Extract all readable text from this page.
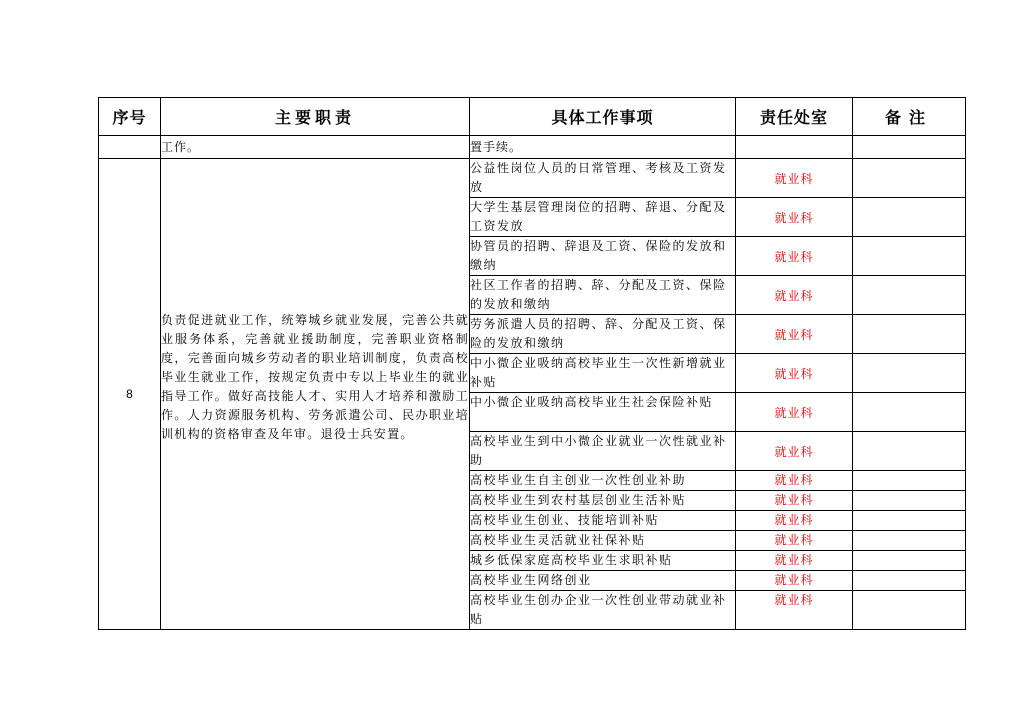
序号	主要职责	具体工作事项	责任处室	备注
	工作。	置手续。		
8	负责促进就业工作，统筹城乡就业发展，完善公共就业服务体系，完善就业援助制度，完善职业资格制度，完善面向城乡劳动者的职业培训制度，负责高校毕业生就业工作，按规定负责中专以上毕业生的就业指导工作。做好高技能人才、实用人才培养和激励工作。人力资源服务机构、劳务派遣公司、民办职业培训机构的资格审查及年审。退役士兵安置。	公益性岗位人员的日常管理、考核及工资发放	就业科	
		大学生基层管理岗位的招聘、辞退、分配及工资发放	就业科	
		协管员的招聘、辞退及工资、保险的发放和缴纳	就业科	
		社区工作者的招聘、辞、分配及工资、保险的发放和缴纳	就业科	
		劳务派遣人员的招聘、辞、分配及工资、保险的发放和缴纳	就业科	
		中小微企业吸纳高校毕业生一次性新增就业补贴	就业科	
		中小微企业吸纳高校毕业生社会保险补贴	就业科	
		高校毕业生到中小微企业就业一次性就业补助	就业科	
		高校毕业生自主创业一次性创业补助	就业科	
		高校毕业生到农村基层创业生活补贴	就业科	
		高校毕业生创业、技能培训补贴	就业科	
		高校毕业生灵活就业社保补贴	就业科	
		城乡低保家庭高校毕业生求职补贴	就业科	
		高校毕业生网络创业	就业科	
		高校毕业生创办企业一次性创业带动就业补贴	就业科	
